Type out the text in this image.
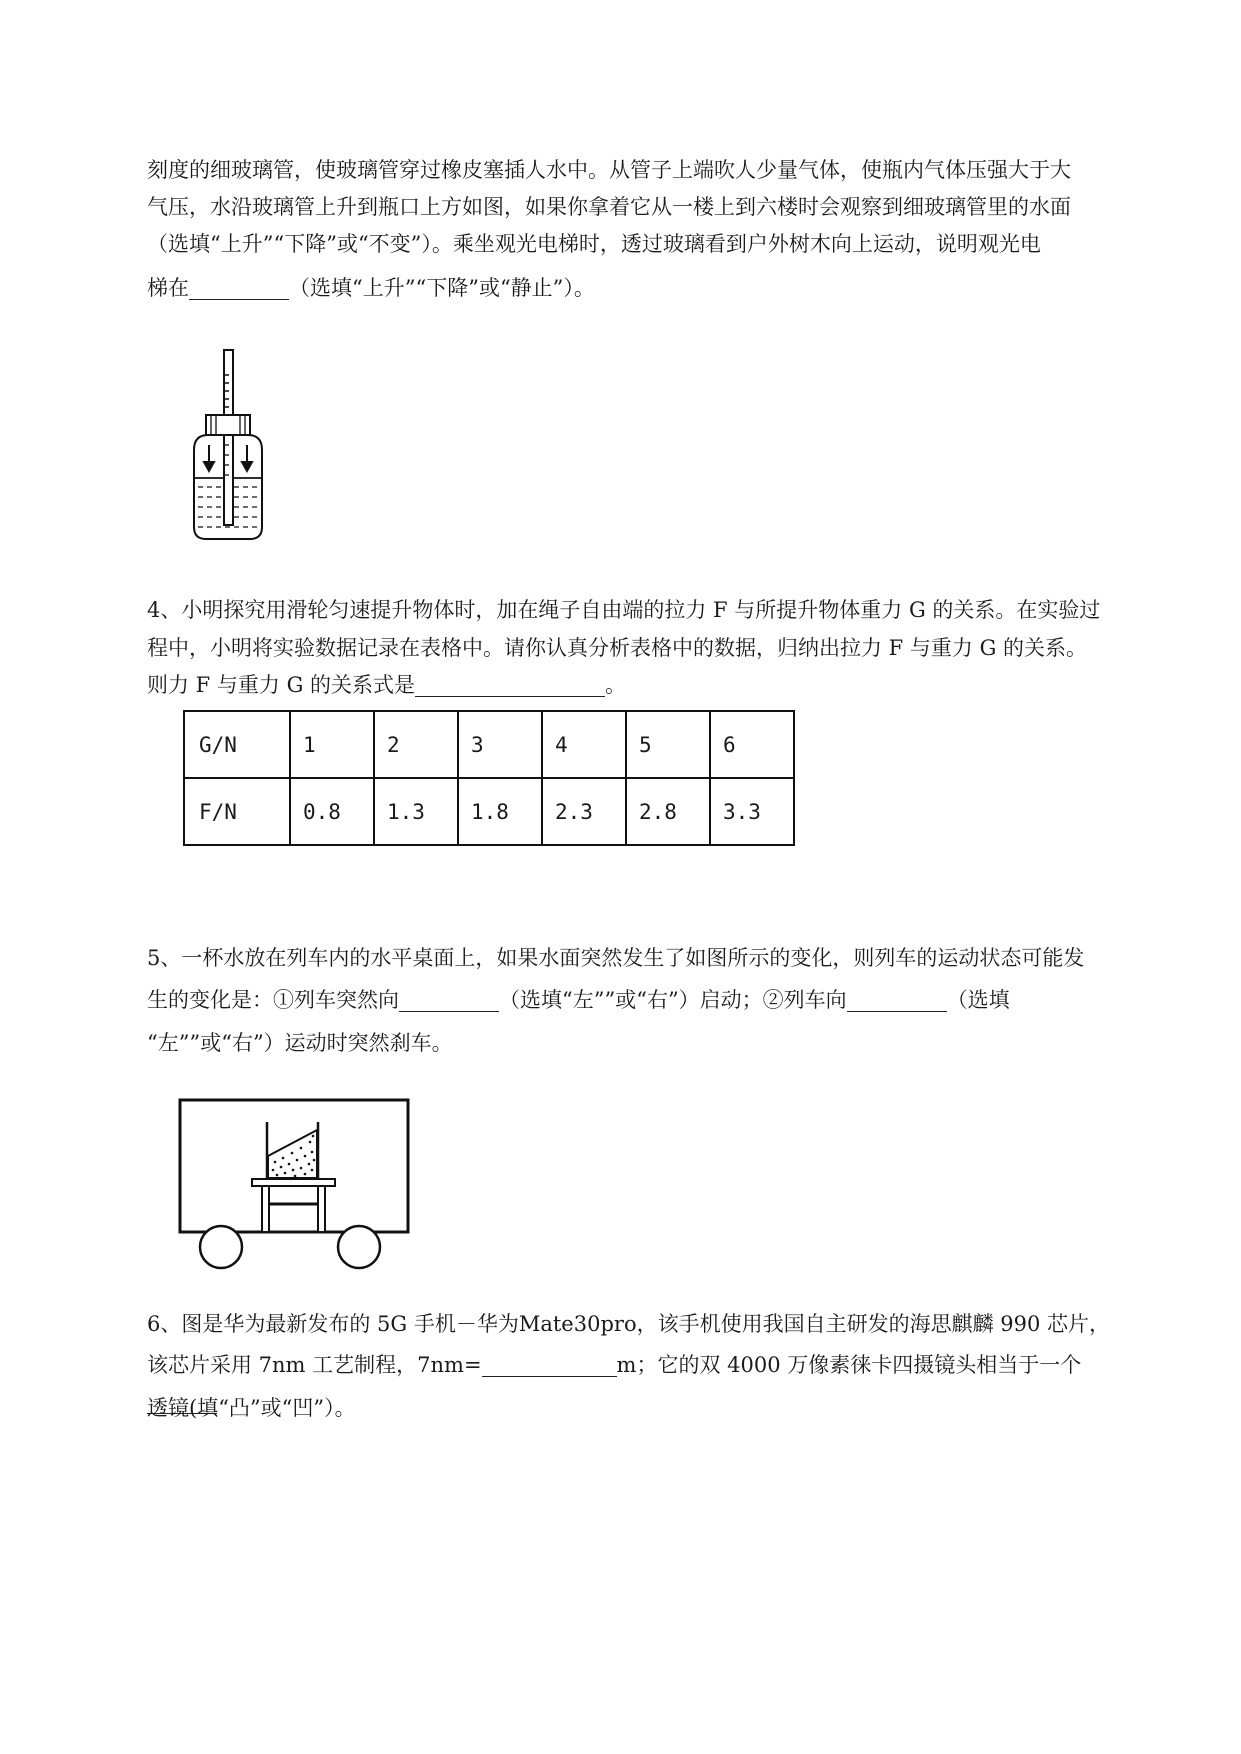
刻度的细玻璃管，使玻璃管穿过橡皮塞插人水中。从管子上端吹人少量气体，使瓶内气体压强大于大

气压，水沿玻璃管上升到瓶口上方如图，如果你拿着它从一楼上到六楼时会观察到细玻璃管里的水面

（选填“上升”“下降”或“不变”）。乘坐观光电梯时，透过玻璃看到户外树木向上运动，说明观光电

梯在	（选填“上升”“下降”或“静止”）。

4、小明探究用滑轮匀速提升物体时，加在绳子自由端的拉力 F 与所提升物体重力 G 的关系。在实验过

程中，小明将实验数据记录在表格中。请你认真分析表格中的数据，归纳出拉力 F 与重力 G 的关系。

则力 F 与重力 G 的关系式是	。

G/N	1	2	3	4	5	6
F/N	0.8	1.3	1.8	2.3	2.8	3.3

5、一杯水放在列车内的水平桌面上，如果水面突然发生了如图所示的变化，则列车的运动状态可能发

生的变化是：①列车突然向	（选填“左””或“右”）启动；②列车向	（选填

“左””或“右”）运动时突然刹车。

6、图是华为最新发布的 5G 手机－华为Mate30pro，该手机使用我国自主研发的海思麒麟 990 芯片，

该芯片采用 7nm 工艺制程，7nm=	m；它的双 4000 万像素徕卡四摄镜头相当于一个

透镜(填“凸”或“凹”）。
